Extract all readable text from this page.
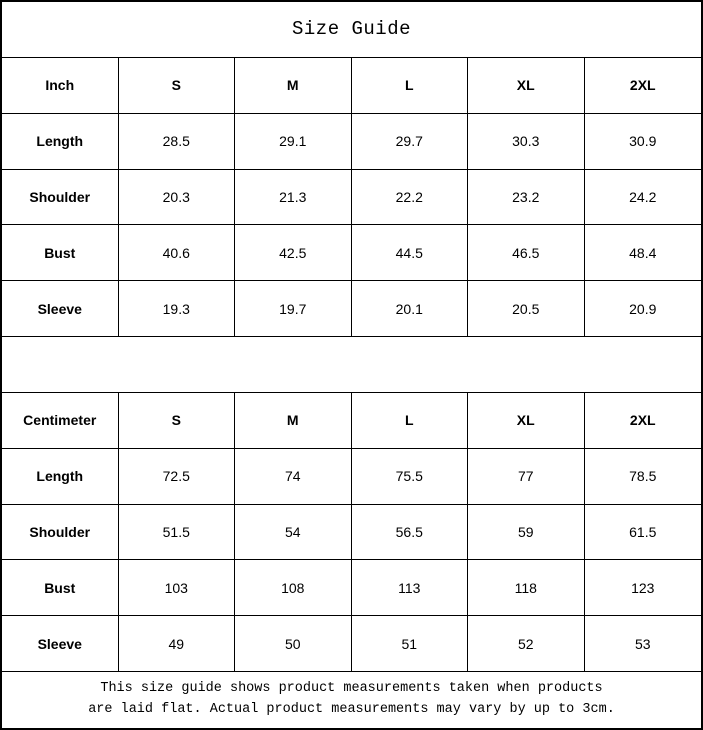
Size Guide
Inch	S	M	L	XL	2XL
Length	28.5	29.1	29.7	30.3	30.9
Shoulder	20.3	21.3	22.2	23.2	24.2
Bust	40.6	42.5	44.5	46.5	48.4
Sleeve	19.3	19.7	20.1	20.5	20.9
Centimeter	S	M	L	XL	2XL
Length	72.5	74	75.5	77	78.5
Shoulder	51.5	54	56.5	59	61.5
Bust	103	108	113	118	123
Sleeve	49	50	51	52	53
This size guide shows product measurements taken when products
are laid flat. Actual product measurements may vary by up to 3cm.
